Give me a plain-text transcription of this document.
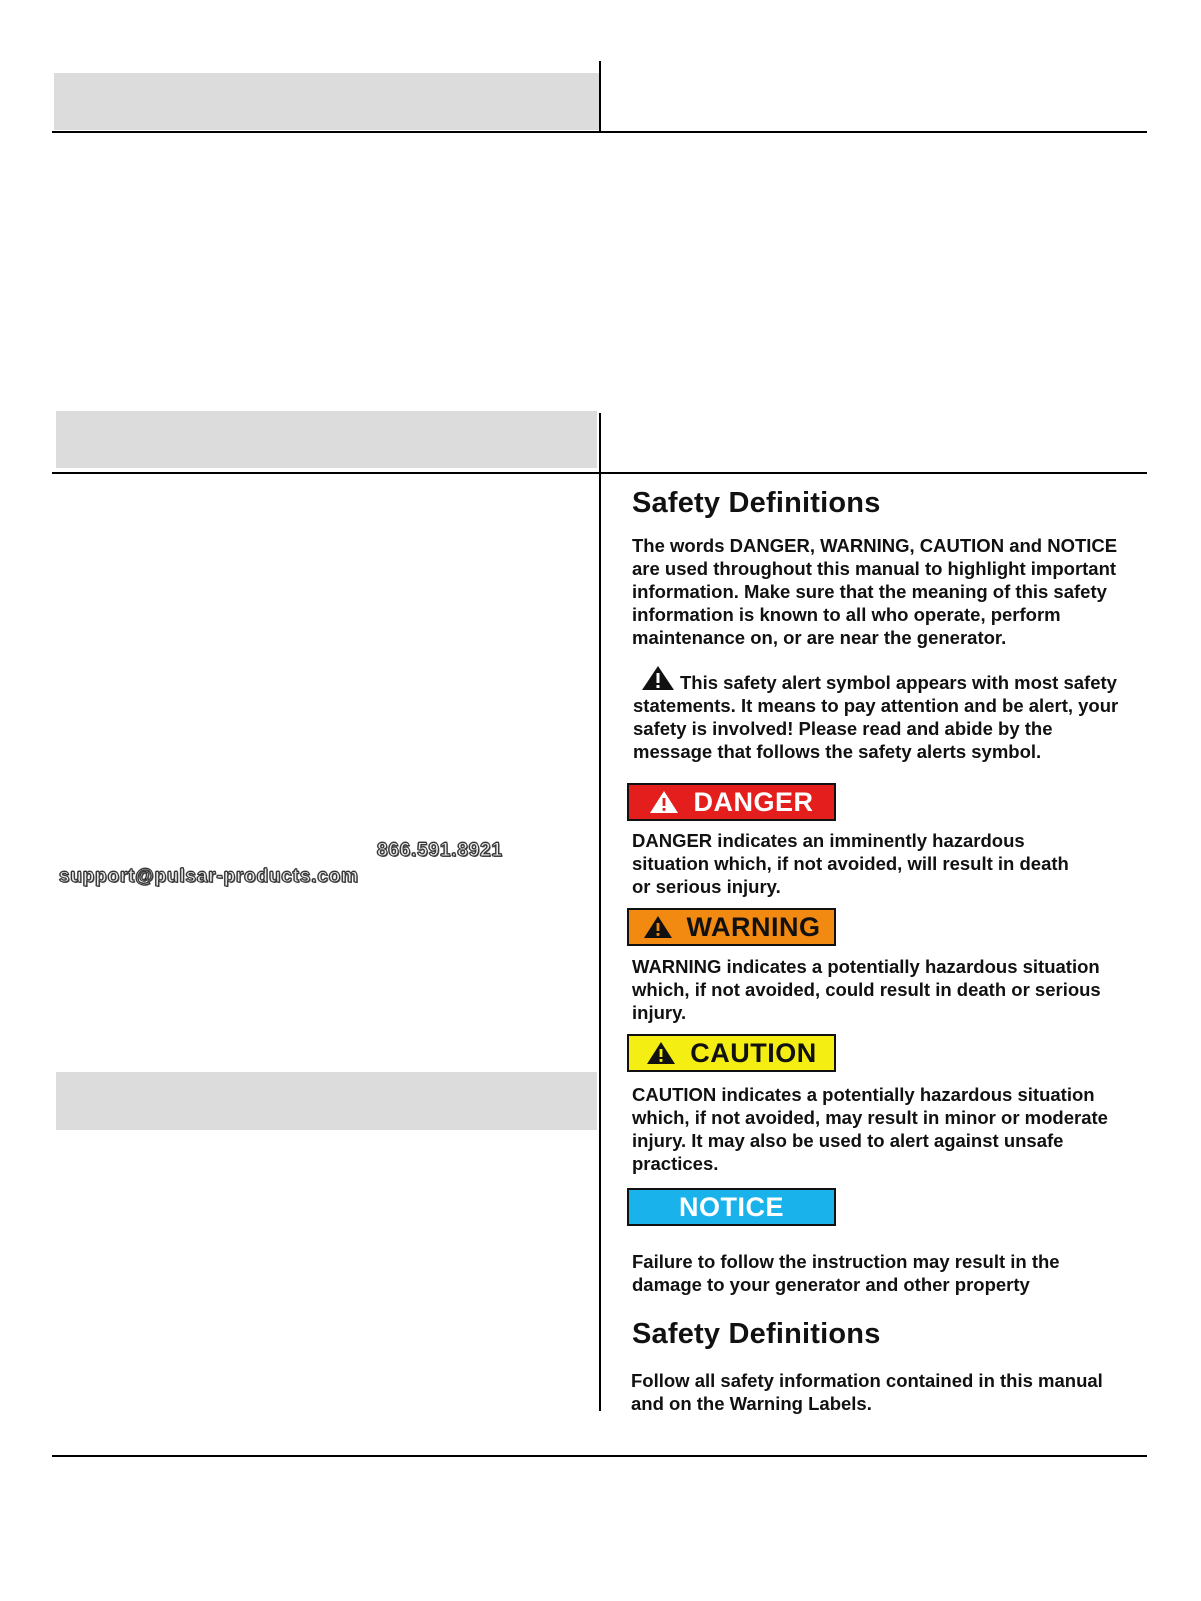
866.591.8921
support@pulsar-products.com
Safety Definitions
The words DANGER, WARNING, CAUTION and NOTICE are used throughout this manual to highlight important information. Make sure that the meaning of this safety information is known to all who operate, perform maintenance on, or are near the generator.
This safety alert symbol appears with most safety statements. It means to pay attention and be alert, your safety is involved! Please read and abide by the message that follows the safety alerts symbol.
DANGER
DANGER indicates an imminently hazardous situation which, if not avoided, will result in death or serious injury.
WARNING
WARNING indicates a potentially hazardous situation which, if not avoided, could result in death or serious injury.
CAUTION
CAUTION indicates a potentially hazardous situation which, if not avoided, may result in minor or moderate injury. It may also be used to alert against unsafe practices.
NOTICE
Failure to follow the instruction may result in the damage to your generator and other property
Safety Definitions
Follow all safety information contained in this manual and on the Warning Labels.
